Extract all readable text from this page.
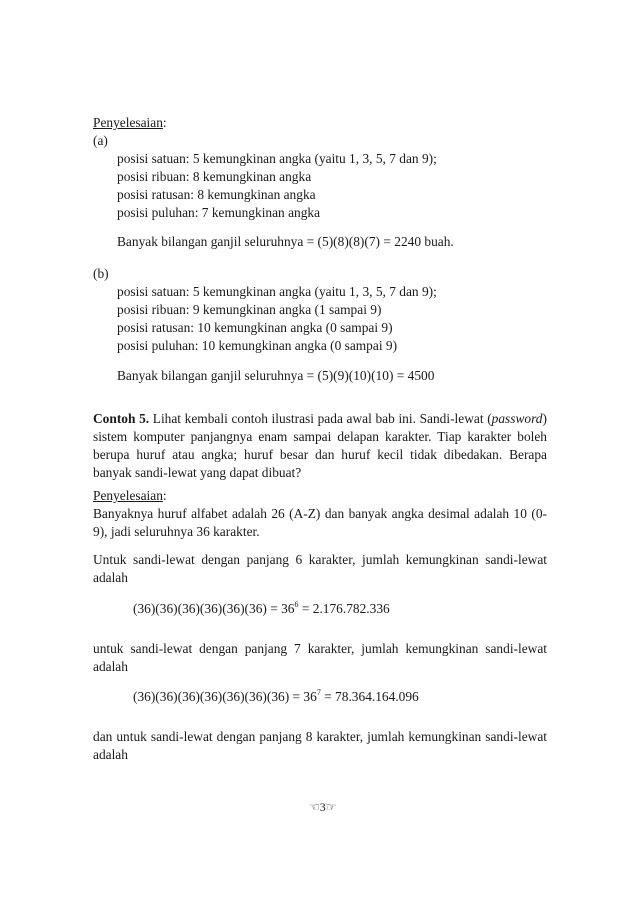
Penyelesaian:
(a)
posisi satuan: 5 kemungkinan angka (yaitu 1, 3, 5, 7 dan 9);
posisi ribuan: 8 kemungkinan angka
posisi ratusan: 8 kemungkinan angka
posisi puluhan: 7 kemungkinan angka
Banyak bilangan ganjil seluruhnya = (5)(8)(8)(7) = 2240 buah.
(b)
posisi satuan: 5 kemungkinan angka (yaitu 1, 3, 5, 7 dan 9);
posisi ribuan: 9 kemungkinan angka (1 sampai 9)
posisi ratusan: 10 kemungkinan angka (0 sampai 9)
posisi puluhan: 10 kemungkinan angka (0 sampai 9)
Banyak bilangan ganjil seluruhnya = (5)(9)(10)(10) = 4500
Contoh 5. Lihat kembali contoh ilustrasi pada awal bab ini. Sandi-lewat (password) sistem komputer panjangnya enam sampai delapan karakter. Tiap karakter boleh berupa huruf atau angka; huruf besar dan huruf kecil tidak dibedakan. Berapa banyak sandi-lewat yang dapat dibuat?
Penyelesaian:
Banyaknya huruf alfabet adalah 26 (A-Z) dan banyak angka desimal adalah 10 (0-9), jadi seluruhnya 36 karakter.
Untuk sandi-lewat dengan panjang 6 karakter, jumlah kemungkinan sandi-lewat adalah
$(36)(36)(36)(36)(36)(36) = 36^6 = 2.176.782.336$
untuk sandi-lewat dengan panjang 7 karakter, jumlah kemungkinan sandi-lewat adalah
$(36)(36)(36)(36)(36)(36)(36) = 36^7 = 78.364.164.096$
dan untuk sandi-lewat dengan panjang 8 karakter, jumlah kemungkinan sandi-lewat adalah
☜3☞
